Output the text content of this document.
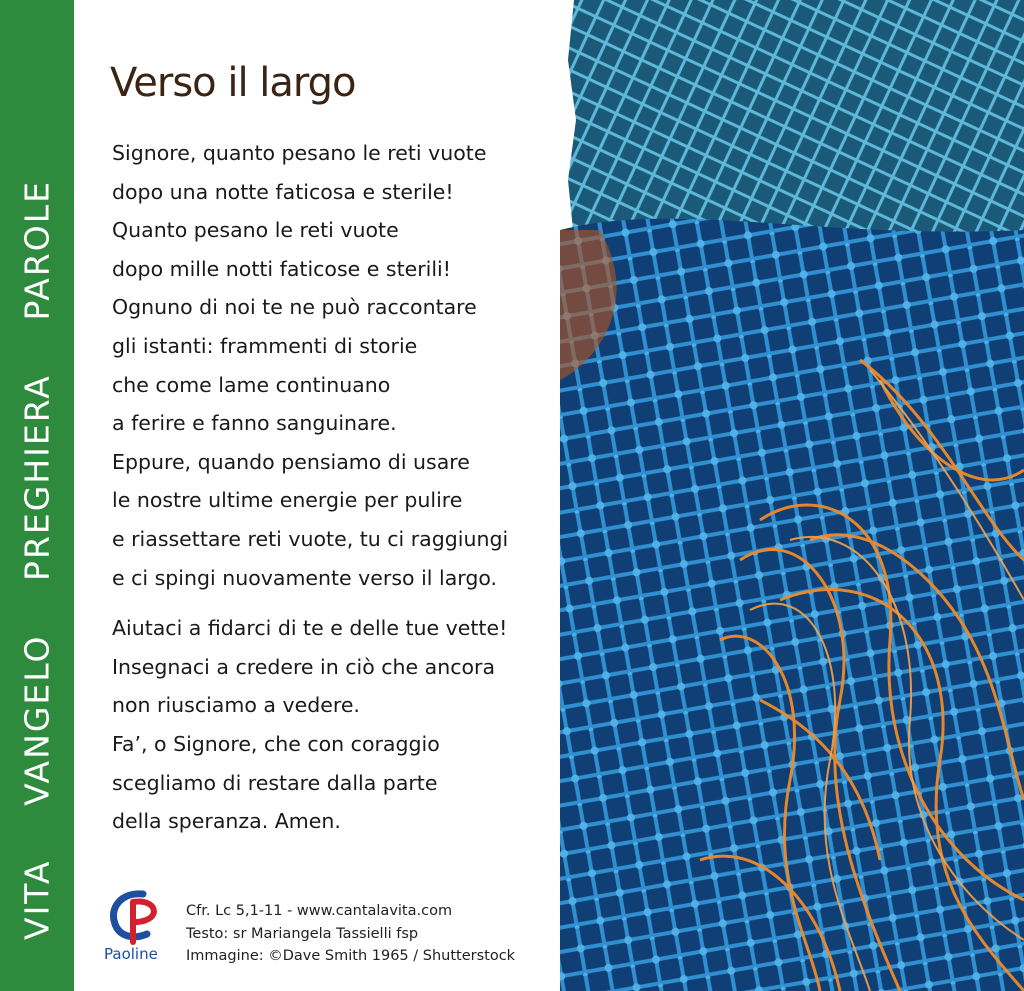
VITA
VANGELO
PREGHIERA
PAROLE
Verso il largo
Signore, quanto pesano le reti vuote
dopo una notte faticosa e sterile!
Quanto pesano le reti vuote
dopo mille notti faticose e sterili!
Ognuno di noi te ne può raccontare
gli istanti: frammenti di storie
che come lame continuano
a ferire e fanno sanguinare.
Eppure, quando pensiamo di usare
le nostre ultime energie per pulire
e riassettare reti vuote, tu ci raggiungi
e ci spingi nuovamente verso il largo.
Aiutaci a fidarci di te e delle tue vette!
Insegnaci a credere in ciò che ancora
non riusciamo a vedere.
Fa’, o Signore, che con coraggio
scegliamo di restare dalla parte
della speranza. Amen.
Paoline
Cfr. Lc 5,1-11 - www.cantalavita.com
Testo: sr Mariangela Tassielli fsp
Immagine: ©Dave Smith 1965 / Shutterstock
